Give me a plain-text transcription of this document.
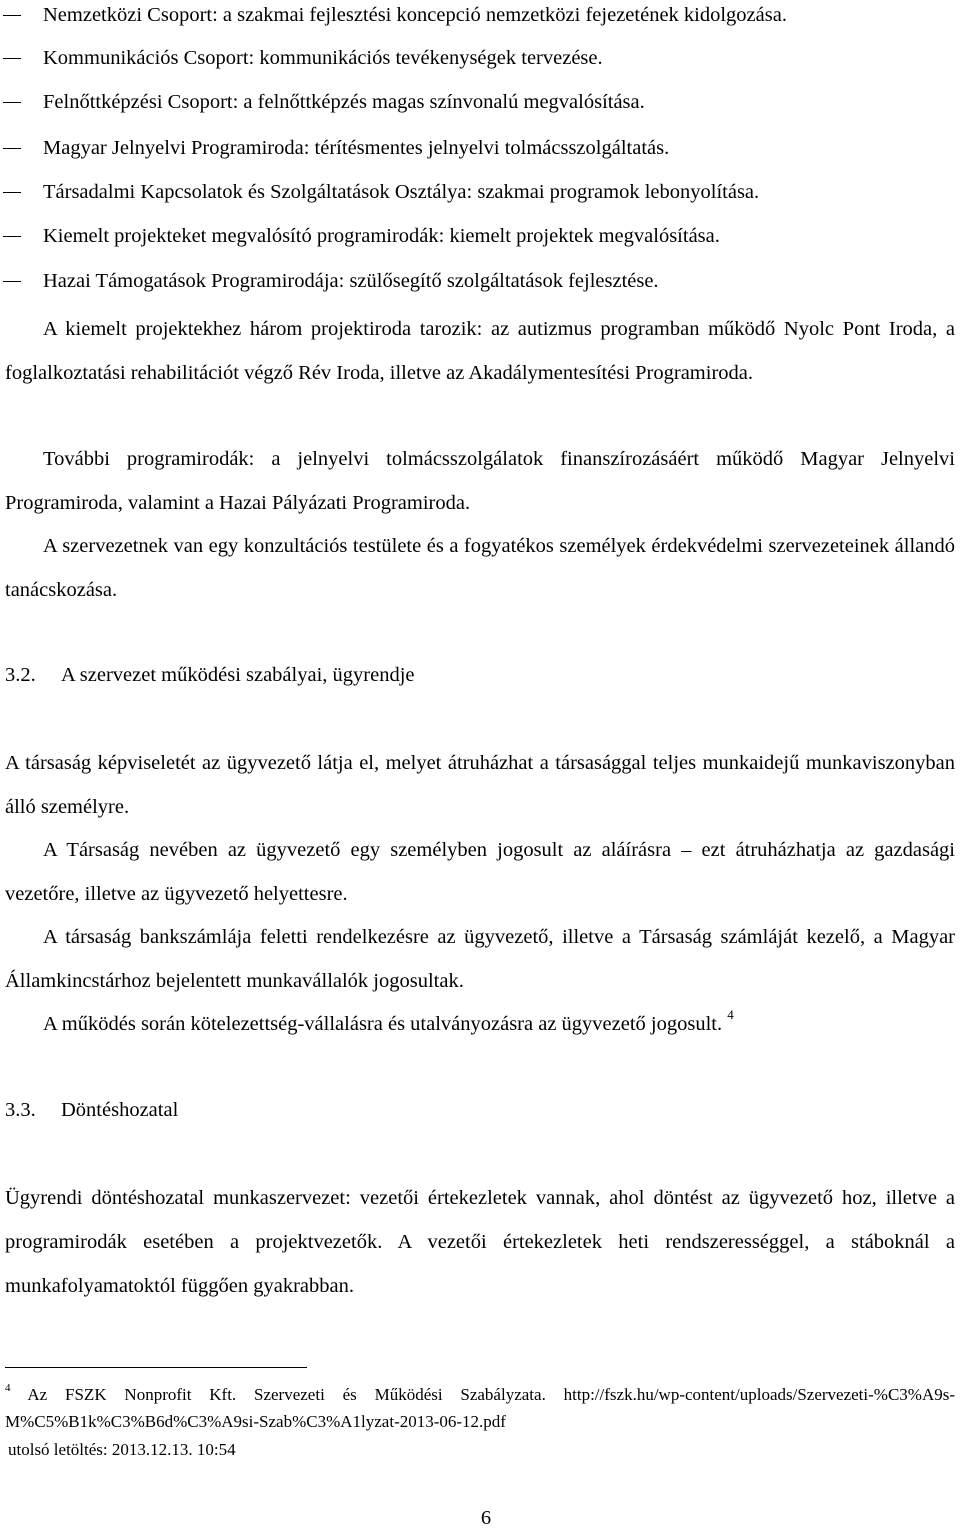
Nemzetközi Csoport: a szakmai fejlesztési koncepció nemzetközi fejezetének kidolgozása.
Kommunikációs Csoport: kommunikációs tevékenységek tervezése.
Felnőttképzési Csoport: a felnőttképzés magas színvonalú megvalósítása.
Magyar Jelnyelvi Programiroda: térítésmentes jelnyelvi tolmácsszolgáltatás.
Társadalmi Kapcsolatok és Szolgáltatások Osztálya: szakmai programok lebonyolítása.
Kiemelt projekteket megvalósító programirodák: kiemelt projektek megvalósítása.
Hazai Támogatások Programirodája: szülősegítő szolgáltatások fejlesztése.

A kiemelt projektekhez három projektiroda tarozik: az autizmus programban működő Nyolc Pont Iroda, a foglalkoztatási rehabilitációt végző Rév Iroda, illetve az Akadálymentesítési Programiroda.

További programirodák: a jelnyelvi tolmácsszolgálatok finanszírozásáért működő Magyar Jelnyelvi Programiroda, valamint a Hazai Pályázati Programiroda.

A szervezetnek van egy konzultációs testülete és a fogyatékos személyek érdekvédelmi szervezeteinek állandó tanácskozása.

3.2. A szervezet működési szabályai, ügyrendje

A társaság képviseletét az ügyvezető látja el, melyet átruházhat a társasággal teljes munkaidejű munkaviszonyban álló személyre.

A Társaság nevében az ügyvezető egy személyben jogosult az aláírásra – ezt átruházhatja az gazdasági vezetőre, illetve az ügyvezető helyettesre.

A társaság bankszámlája feletti rendelkezésre az ügyvezető, illetve a Társaság számláját kezelő, a Magyar Államkincstárhoz bejelentett munkavállalók jogosultak.

A működés során kötelezettség-vállalásra és utalványozásra az ügyvezető jogosult. $^4$

3.3. Döntéshozatal

Ügyrendi döntéshozatal munkaszervezet: vezetői értekezletek vannak, ahol döntést az ügyvezető hoz, illetve a programirodák esetében a projektvezetők. A vezetői értekezletek heti rendszerességgel, a stáboknál a munkafolyamatoktól függően gyakrabban.

$^4$ Az FSZK Nonprofit Kft. Szervezeti és Működési Szabályzata. http://fszk.hu/wp-content/uploads/Szervezeti-%C3%A9s-M%C5%B1k%C3%B6d%C3%A9si-Szab%C3%A1lyzat-2013-06-12.pdf

utolsó letöltés: 2013.12.13. 10:54
6
